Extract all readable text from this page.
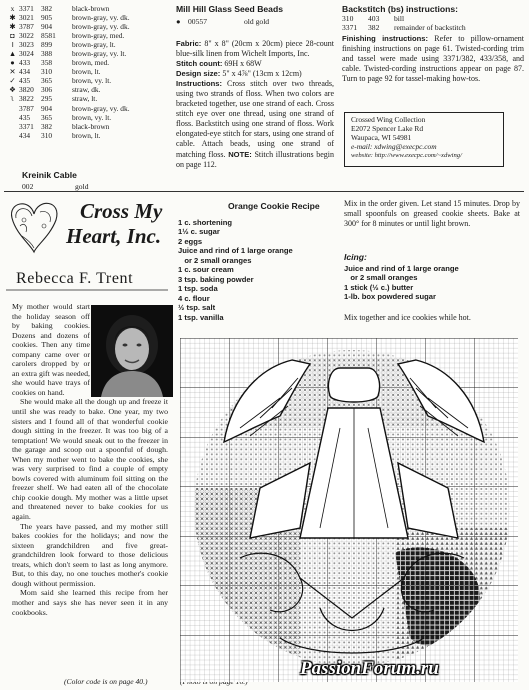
x 3371 382	black-brown
✱ 3021 905	brown-gray, vy. dk.
✱ 3787 904	brown-gray, vy. dk.
◘ 3022 8581	brown-gray, med.
‖ 3023 899	brown-gray, lt.
▲ 3024 388	brown-gray, vy. lt.
● 433	358	brown, med.
✕ 434	310	brown, lt.
✓ 435	365	brown, vy. lt.
❖ 3820 306	straw, dk.
ʅ 3822 295	straw, lt.
3787 904	brown-gray, vy. dk.
435	365	brown, vy. lt.
3371 382	black-brown
434	310	brown, lt.
Kreinik Cable
002	gold
Mill Hill Glass Seed Beads
● 00557	old gold
Fabric: 8" x 8" (20cm x 20cm) piece 28-count blue-silk linen from Wichelt Imports, Inc.
Stitch count: 69H x 68W
Design size: 5" x 4⅞" (13cm x 12cm)
Instructions: Cross stitch over two threads, using two strands of floss. When two colors are bracketed together, use one strand of each. Cross stitch eye over one thread, using one strand of floss. Backstitch using one strand of floss. Work elongated-eye stitch for stars, using one strand of cable. Attach beads, using one strand of matching floss. NOTE: Stitch illustrations begin on page 112.
Backstitch (bs) instructions:
310	403	bill
3371	382	remainder of backstitch
Finishing instructions: Refer to pillow-ornament finishing instructions on page 61. Twisted-cording trim and tassel were made using 3371/382, 433/358, and cable. Twisted-cording instructions appear on page 87. Turn to page 92 for tassel-making how-tos.
Crossed Wing Collection
E2072 Spencer Lake Rd
Waupaca, WI 54981
e-mail: xdwing@execpc.com
website: http://www.execpc.com/~xdwing/
Cross My
Heart, Inc.
Rebecca F. Trent

My mother would start the holiday season off by baking cookies. Dozens and dozens of cookies. Then any time company came over or carolers dropped by or an extra gift was needed, she would have trays of cookies on hand.

She would make all the dough up and freeze it until she was ready to bake. One year, my two sisters and I found all of that wonderful cookie dough sitting in the freezer. It was too big of a temptation! We would sneak out to the freezer in the garage and scoop out a spoonful of dough. When my mother went to bake the cookies, she was very surprised to find a couple of empty bowls covered with aluminum foil sitting on the freezer shelf. We had eaten all of the chocolate chip cookie dough. My mother was a little upset and threatened never to bake cookies for us again.

The years have passed, and my mother still bakes cookies for the holidays; and now the sixteen grandchildren and five great-grandchildren look forward to those delicious treats, which don't seem to last as long anymore. But, to this day, no one touches mother's cookie dough without permission.

Mom said she learned this recipe from her mother and says she has never seen it in any cookbooks.

(Color code is on page 40.)
Orange Cookie Recipe
1 c. shortening
1½ c. sugar
2 eggs
Juice and rind of 1 large orange
or 2 small oranges
1 c. sour cream
3 tsp. baking powder
1 tsp. soda
4 c. flour
½ tsp. salt
1 tsp. vanilla
Mix in the order given. Let stand 15 minutes. Drop by small spoonfuls on greased cookie sheets. Bake at 300° for 8 minutes or until light brown.
Icing:
Juice and rind of 1 large orange
or 2 small oranges
1 stick (½ c.) butter
1-lb. box powdered sugar
Mix together and ice cookies while hot.
PassionForum.ru
